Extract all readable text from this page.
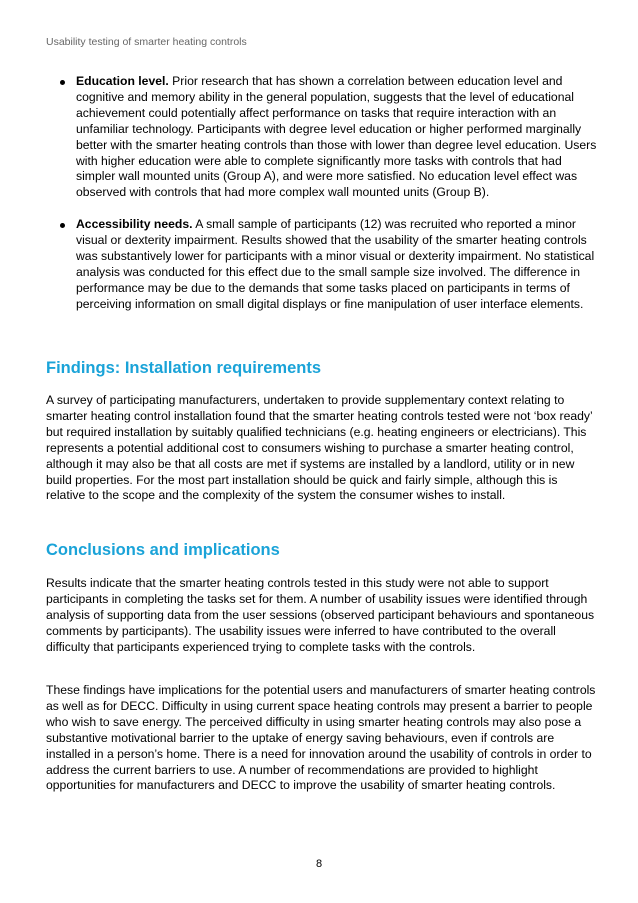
Usability testing of smarter heating controls
Education level. Prior research that has shown a correlation between education level and cognitive and memory ability in the general population, suggests that the level of educational achievement could potentially affect performance on tasks that require interaction with an unfamiliar technology. Participants with degree level education or higher performed marginally better with the smarter heating controls than those with lower than degree level education. Users with higher education were able to complete significantly more tasks with controls that had simpler wall mounted units (Group A), and were more satisfied. No education level effect was observed with controls that had more complex wall mounted units (Group B).
Accessibility needs. A small sample of participants (12) was recruited who reported a minor visual or dexterity impairment. Results showed that the usability of the smarter heating controls was substantively lower for participants with a minor visual or dexterity impairment. No statistical analysis was conducted for this effect due to the small sample size involved. The difference in performance may be due to the demands that some tasks placed on participants in terms of perceiving information on small digital displays or fine manipulation of user interface elements.
Findings: Installation requirements

A survey of participating manufacturers, undertaken to provide supplementary context relating to smarter heating control installation found that the smarter heating controls tested were not ‘box ready’ but required installation by suitably qualified technicians (e.g. heating engineers or electricians). This represents a potential additional cost to consumers wishing to purchase a smarter heating control, although it may also be that all costs are met if systems are installed by a landlord, utility or in new build properties. For the most part installation should be quick and fairly simple, although this is relative to the scope and the complexity of the system the consumer wishes to install.

Conclusions and implications

Results indicate that the smarter heating controls tested in this study were not able to support participants in completing the tasks set for them. A number of usability issues were identified through analysis of supporting data from the user sessions (observed participant behaviours and spontaneous comments by participants). The usability issues were inferred to have contributed to the overall difficulty that participants experienced trying to complete tasks with the controls.

These findings have implications for the potential users and manufacturers of smarter heating controls as well as for DECC. Difficulty in using current space heating controls may present a barrier to people who wish to save energy. The perceived difficulty in using smarter heating controls may also pose a substantive motivational barrier to the uptake of energy saving behaviours, even if controls are installed in a person’s home. There is a need for innovation around the usability of controls in order to address the current barriers to use. A number of recommendations are provided to highlight opportunities for manufacturers and DECC to improve the usability of smarter heating controls.

8
